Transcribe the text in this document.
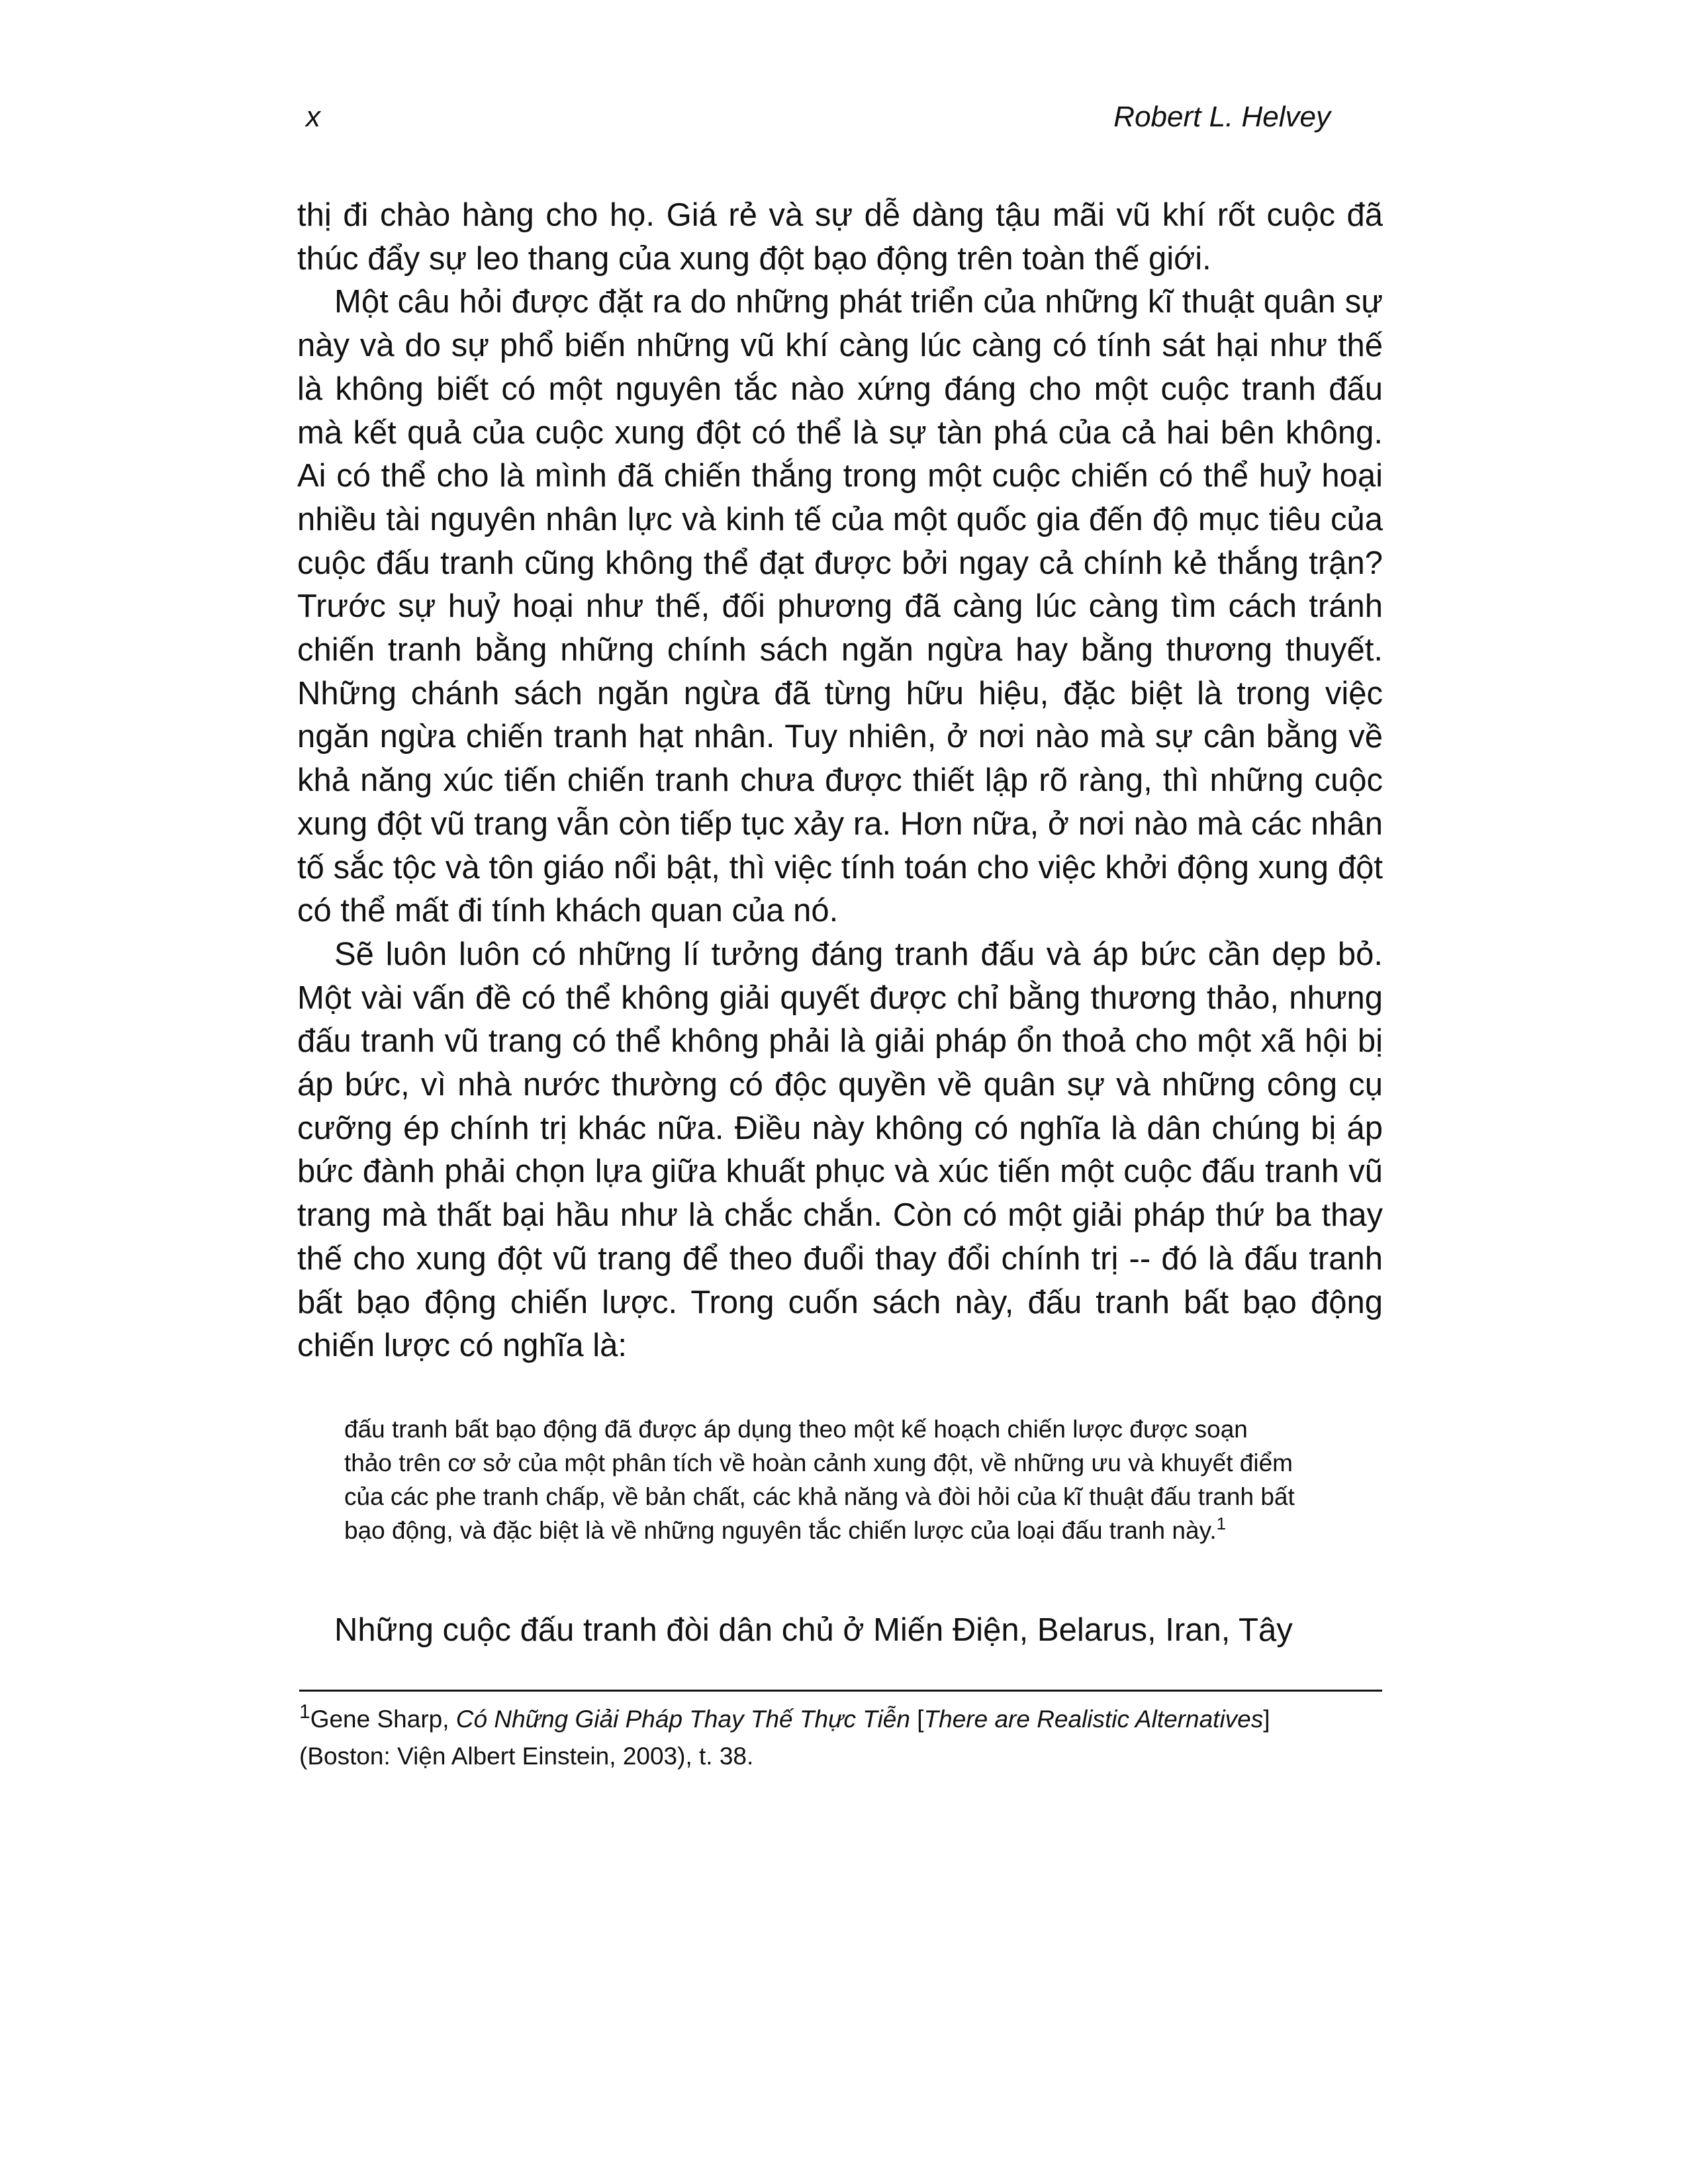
x	Robert L. Helvey

thị đi chào hàng cho họ. Giá rẻ và sự dễ dàng tậu mãi vũ khí rốt cuộc đã thúc đẩy sự leo thang của xung đột bạo động trên toàn thế giới.

Một câu hỏi được đặt ra do những phát triển của những kĩ thuật quân sự này và do sự phổ biến những vũ khí càng lúc càng có tính sát hại như thế là không biết có một nguyên tắc nào xứng đáng cho một cuộc tranh đấu mà kết quả của cuộc xung đột có thể là sự tàn phá của cả hai bên không. Ai có thể cho là mình đã chiến thắng trong một cuộc chiến có thể huỷ hoại nhiều tài nguyên nhân lực và kinh tế của một quốc gia đến độ mục tiêu của cuộc đấu tranh cũng không thể đạt được bởi ngay cả chính kẻ thắng trận? Trước sự huỷ hoại như thế, đối phương đã càng lúc càng tìm cách tránh chiến tranh bằng những chính sách ngăn ngừa hay bằng thương thuyết. Những chánh sách ngăn ngừa đã từng hữu hiệu, đặc biệt là trong việc ngăn ngừa chiến tranh hạt nhân. Tuy nhiên, ở nơi nào mà sự cân bằng về khả năng xúc tiến chiến tranh chưa được thiết lập rõ ràng, thì những cuộc xung đột vũ trang vẫn còn tiếp tục xảy ra. Hơn nữa, ở nơi nào mà các nhân tố sắc tộc và tôn giáo nổi bật, thì việc tính toán cho việc khởi động xung đột có thể mất đi tính khách quan của nó.

Sẽ luôn luôn có những lí tưởng đáng tranh đấu và áp bức cần dẹp bỏ. Một vài vấn đề có thể không giải quyết được chỉ bằng thương thảo, nhưng đấu tranh vũ trang có thể không phải là giải pháp ổn thoả cho một xã hội bị áp bức, vì nhà nước thường có độc quyền về quân sự và những công cụ cưỡng ép chính trị khác nữa. Điều này không có nghĩa là dân chúng bị áp bức đành phải chọn lựa giữa khuất phục và xúc tiến một cuộc đấu tranh vũ trang mà thất bại hầu như là chắc chắn. Còn có một giải pháp thứ ba thay thế cho xung đột vũ trang để theo đuổi thay đổi chính trị -- đó là đấu tranh bất bạo động chiến lược. Trong cuốn sách này, đấu tranh bất bạo động chiến lược có nghĩa là:

đấu tranh bất bạo động đã được áp dụng theo một kế hoạch chiến lược được soạn thảo trên cơ sở của một phân tích về hoàn cảnh xung đột, về những ưu và khuyết điểm của các phe tranh chấp, về bản chất, các khả năng và đòi hỏi của kĩ thuật đấu tranh bất bạo động, và đặc biệt là về những nguyên tắc chiến lược của loại đấu tranh này.$^1$

Những cuộc đấu tranh đòi dân chủ ở Miến Điện, Belarus, Iran, Tây

$^1$Gene Sharp, Có Những Giải Pháp Thay Thế Thực Tiễn [There are Realistic Alternatives]
(Boston: Viện Albert Einstein, 2003), t. 38.
